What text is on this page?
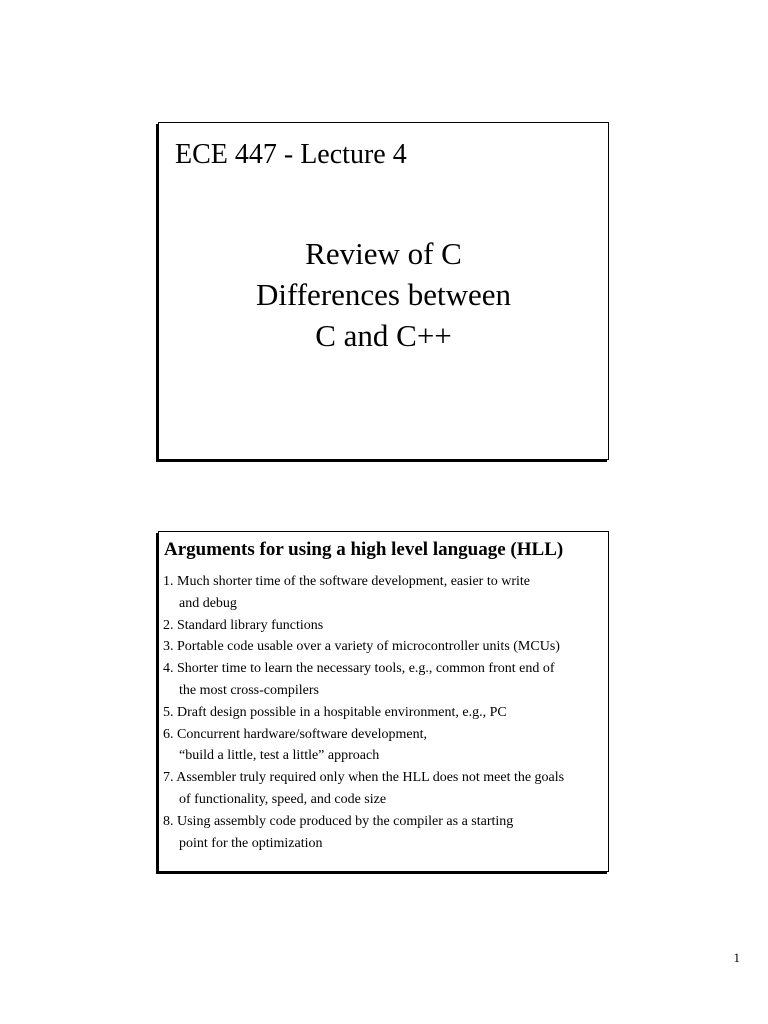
ECE 447 - Lecture 4
Review of C
Differences between
C and C++
Arguments for using a high level language (HLL)
1. Much shorter time of the software development, easier to write
and debug
2. Standard library functions
3. Portable code usable over a variety of microcontroller units (MCUs)
4. Shorter time to learn the necessary tools, e.g., common front end of
the most cross-compilers
5. Draft design possible in a hospitable environment, e.g., PC
6. Concurrent hardware/software development,
“build a little, test a little” approach
7. Assembler truly required only when the HLL does not meet the goals
of functionality, speed, and code size
8. Using assembly code produced by the compiler as a starting
point for the optimization
1
